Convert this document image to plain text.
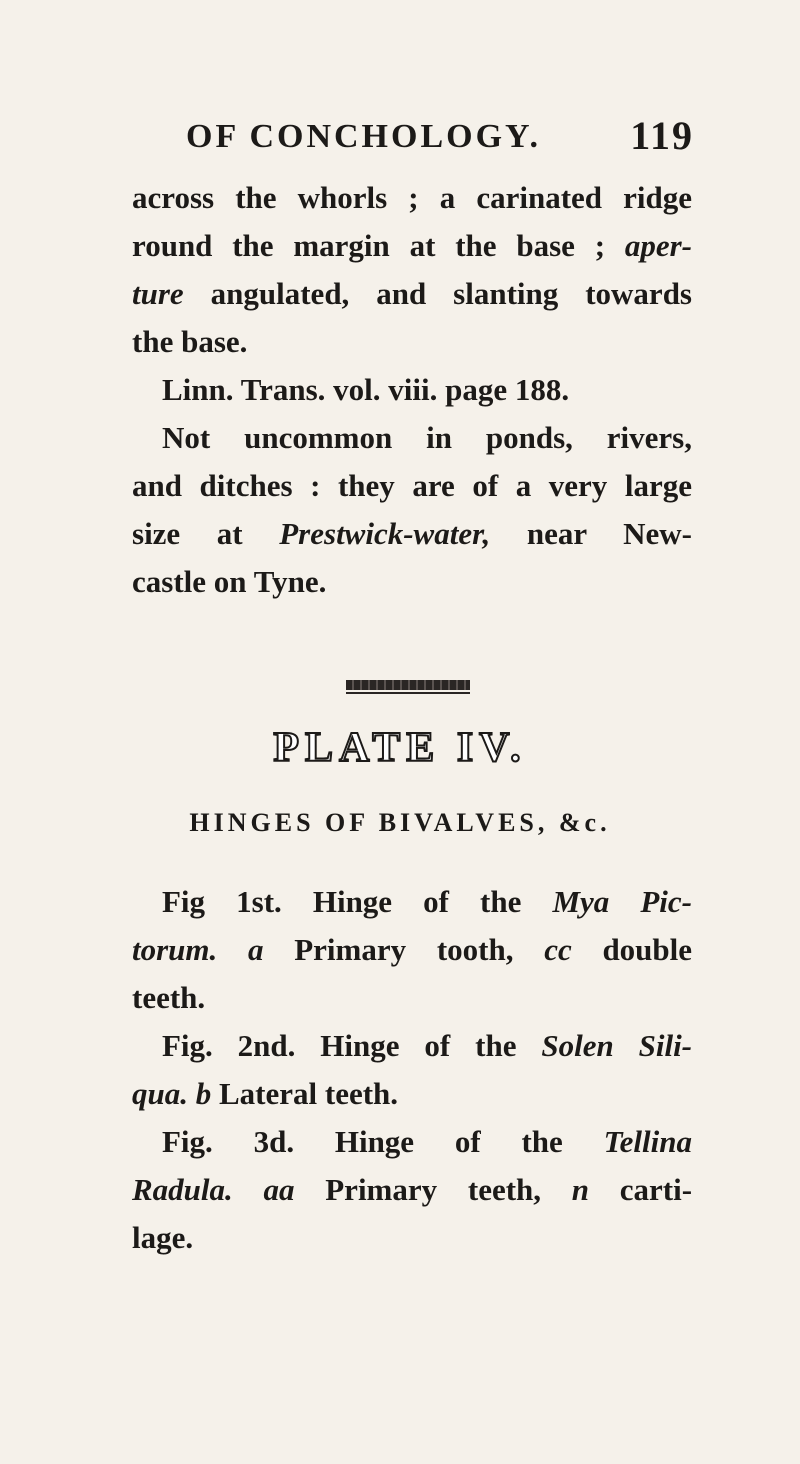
OF CONCHOLOGY. 119
across the whorls ; a carinated ridge
round the margin at the base ; aper-
ture angulated, and slanting towards
the base.
Linn. Trans. vol. viii. page 188.
Not uncommon in ponds, rivers,
and ditches : they are of a very large
size at Prestwick-water, near New-
castle on Tyne.
PLATE IV.
HINGES OF BIVALVES, &c.
Fig 1st. Hinge of the Mya Pic-
torum. a Primary tooth, cc double
teeth.
Fig. 2nd. Hinge of the Solen Sili-
qua. b Lateral teeth.
Fig. 3d. Hinge of the Tellina
Radula. aa Primary teeth, n carti-
lage.
